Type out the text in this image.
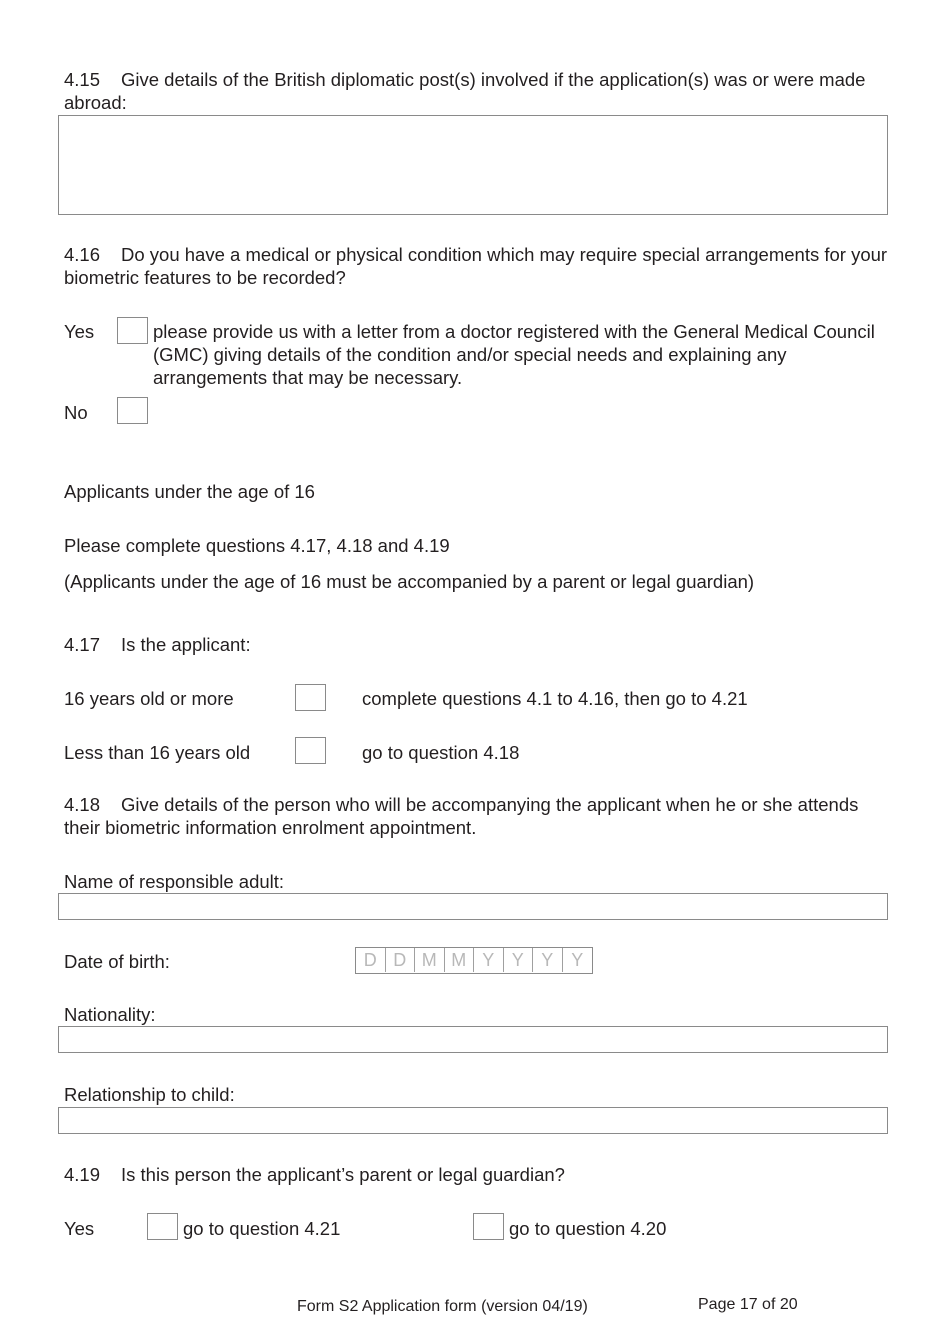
4.15 Give details of the British diplomatic post(s) involved if the application(s) was or were made abroad:
4.16 Do you have a medical or physical condition which may require special arrangements for your biometric features to be recorded?
Yes	please provide us with a letter from a doctor registered with the General Medical Council (GMC) giving details of the condition and/or special needs and explaining any arrangements that may be necessary.
No
Applicants under the age of 16
Please complete questions 4.17, 4.18 and 4.19
(Applicants under the age of 16 must be accompanied by a parent or legal guardian)
4.17 Is the applicant:
16 years old or more	complete questions 4.1 to 4.16, then go to 4.21
Less than 16 years old	go to question 4.18
4.18 Give details of the person who will be accompanying the applicant when he or she attends their biometric information enrolment appointment.
Name of responsible adult:
Date of birth:	D D M M Y Y Y Y
Nationality:
Relationship to child:
4.19 Is this person the applicant’s parent or legal guardian?
Yes	go to question 4.21	go to question 4.20
Form S2 Application form (version 04/19)	Page 17 of 20
